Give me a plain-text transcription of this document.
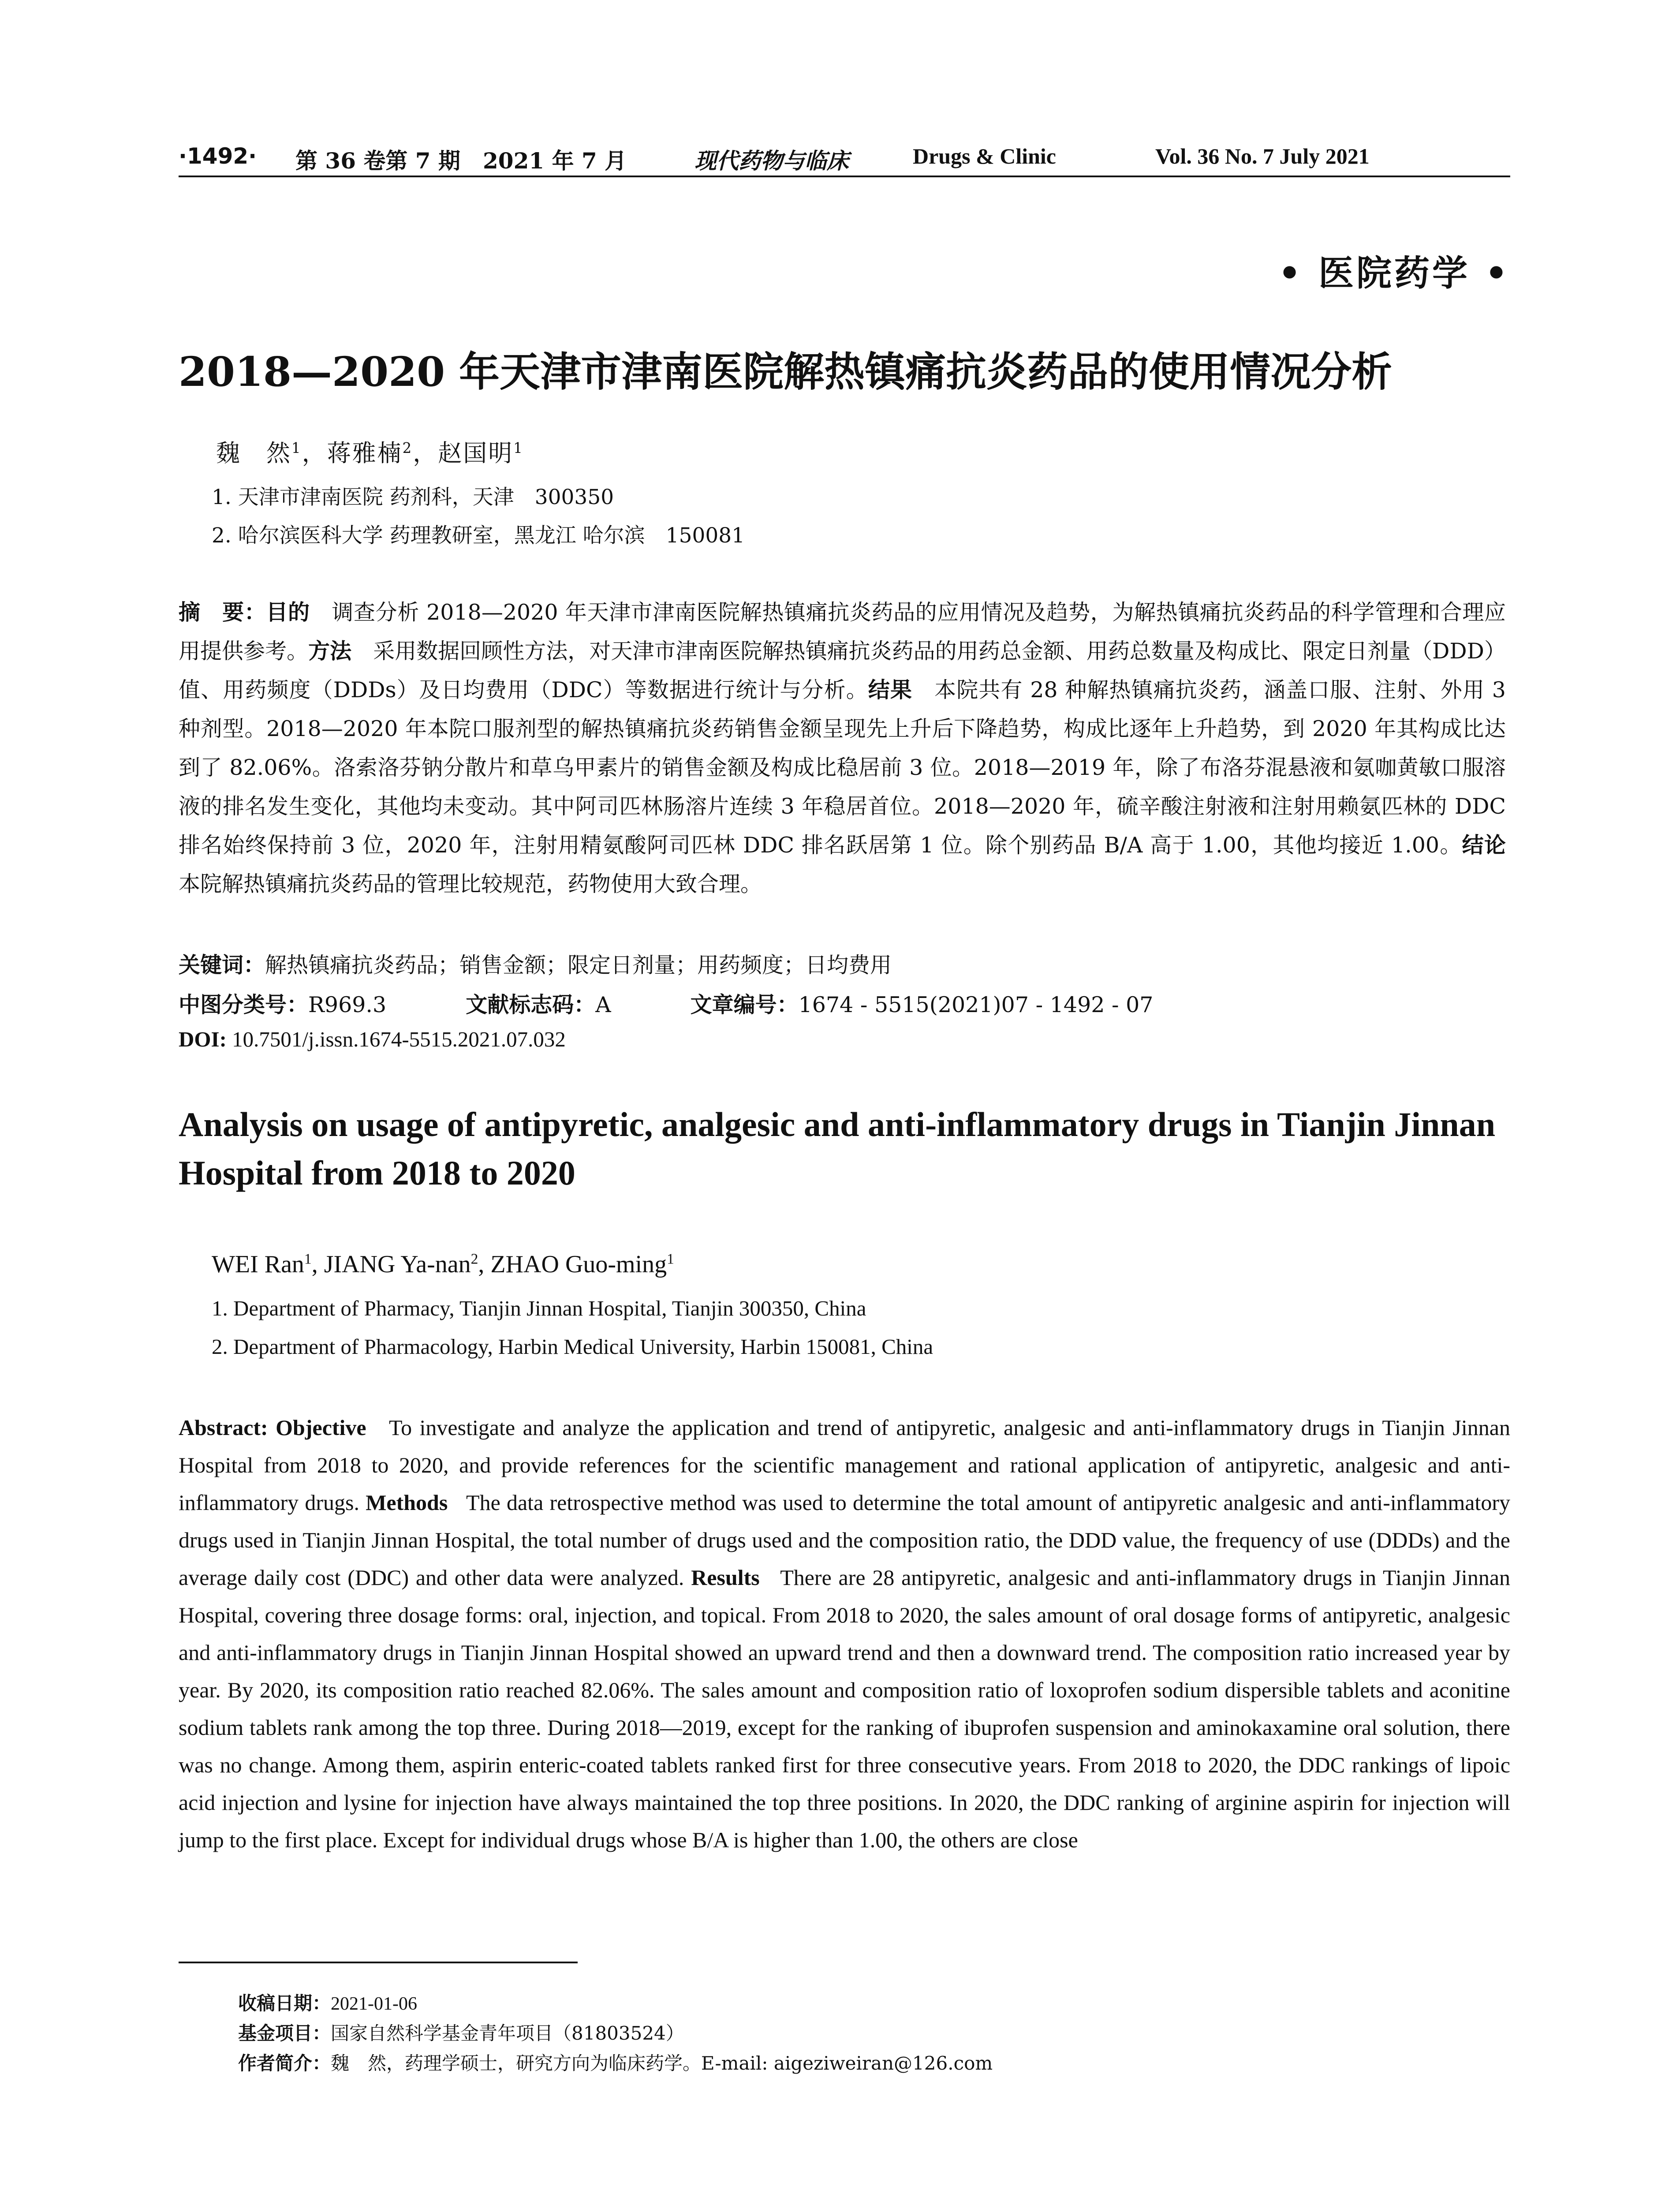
·1492· 第 36 卷第 7 期 2021 年 7 月	现代药物与临床	Drugs & Clinic	Vol. 36 No. 7 July 2021
• 医院药学 •
2018—2020 年天津市津南医院解热镇痛抗炎药品的使用情况分析
魏　然$^1$，蒋雅楠$^2$，赵国明$^1$
1. 天津市津南医院 药剂科，天津　300350
2. 哈尔滨医科大学 药理教研室，黑龙江 哈尔滨　150081
摘　要：目的　 调查分析 2018—2020 年天津市津南医院解热镇痛抗炎药品的应用情况及趋势，为解热镇痛抗炎药品的科学管理和合理应用提供参考。方法　 采用数据回顾性方法，对天津市津南医院解热镇痛抗炎药品的用药总金额、用药总数量及构成比、限定日剂量（DDD）值、用药频度（DDDs）及日均费用（DDC）等数据进行统计与分析。结果　 本院共有 28 种解热镇痛抗炎药，涵盖口服、注射、外用 3 种剂型。2018—2020 年本院口服剂型的解热镇痛抗炎药销售金额呈现先上升后下降趋势，构成比逐年上升趋势，到 2020 年其构成比达到了 82.06%。洛索洛芬钠分散片和草乌甲素片的销售金额及构成比稳居前 3 位。2018—2019 年，除了布洛芬混悬液和氨咖黄敏口服溶液的排名发生变化，其他均未变动。其中阿司匹林肠溶片连续 3 年稳居首位。2018—2020 年，硫辛酸注射液和注射用赖氨匹林的 DDC 排名始终保持前 3 位，2020 年，注射用精氨酸阿司匹林 DDC 排名跃居第 1 位。除个别药品 B/A 高于 1.00，其他均接近 1.00。结论　本院解热镇痛抗炎药品的管理比较规范，药物使用大致合理。
关键词：解热镇痛抗炎药品；销售金额；限定日剂量；用药频度；日均费用
中图分类号：R969.3	文献标志码：A	文章编号：1674 - 5515(2021)07 - 1492 - 07
DOI: 10.7501/j.issn.1674-5515.2021.07.032
Analysis on usage of antipyretic, analgesic and anti-inflammatory drugs in Tianjin Jinnan Hospital from 2018 to 2020
WEI Ran$^1$, JIANG Ya-nan$^2$, ZHAO Guo-ming$^1$
1. Department of Pharmacy, Tianjin Jinnan Hospital, Tianjin 300350, China
2. Department of Pharmacology, Harbin Medical University, Harbin 150081, China
Abstract: Objective To investigate and analyze the application and trend of antipyretic, analgesic and anti-inflammatory drugs in Tianjin Jinnan Hospital from 2018 to 2020, and provide references for the scientific management and rational application of antipyretic, analgesic and anti-inflammatory drugs. Methods The data retrospective method was used to determine the total amount of antipyretic analgesic and anti-inflammatory drugs used in Tianjin Jinnan Hospital, the total number of drugs used and the composition ratio, the DDD value, the frequency of use (DDDs) and the average daily cost (DDC) and other data were analyzed. Results There are 28 antipyretic, analgesic and anti-inflammatory drugs in Tianjin Jinnan Hospital, covering three dosage forms: oral, injection, and topical. From 2018 to 2020, the sales amount of oral dosage forms of antipyretic, analgesic and anti-inflammatory drugs in Tianjin Jinnan Hospital showed an upward trend and then a downward trend. The composition ratio increased year by year. By 2020, its composition ratio reached 82.06%. The sales amount and composition ratio of loxoprofen sodium dispersible tablets and aconitine sodium tablets rank among the top three. During 2018—2019, except for the ranking of ibuprofen suspension and aminokaxamine oral solution, there was no change. Among them, aspirin enteric-coated tablets ranked first for three consecutive years. From 2018 to 2020, the DDC rankings of lipoic acid injection and lysine for injection have always maintained the top three positions. In 2020, the DDC ranking of arginine aspirin for injection will jump to the first place. Except for individual drugs whose B/A is higher than 1.00, the others are close
收稿日期：2021-01-06
基金项目：国家自然科学基金青年项目（81803524）
作者简介：魏　然，药理学硕士，研究方向为临床药学。E-mail: aigeziweiran@126.com
